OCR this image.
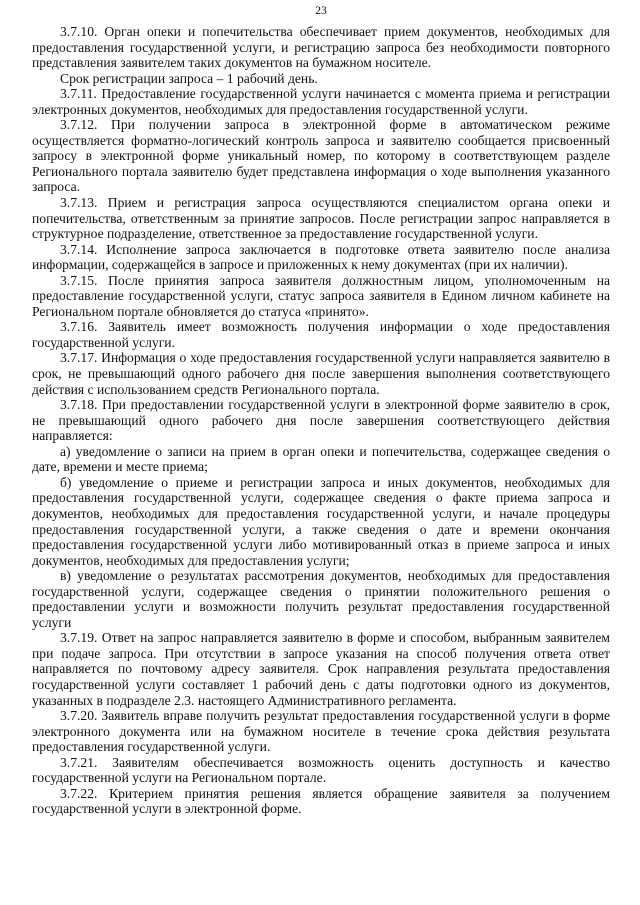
23

3.7.10. Орган опеки и попечительства обеспечивает прием документов, необходимых для предоставления государственной услуги, и регистрацию запроса без необходимости повторного представления заявителем таких документов на бумажном носителе.

Срок регистрации запроса – 1 рабочий день.

3.7.11. Предоставление государственной услуги начинается с момента приема и регистрации электронных документов, необходимых для предоставления государственной услуги.

3.7.12. При получении запроса в электронной форме в автоматическом режиме осуществляется форматно-логический контроль запроса и заявителю сообщается присвоенный запросу в электронной форме уникальный номер, по которому в соответствующем разделе Регионального портала заявителю будет представлена информация о ходе выполнения указанного запроса.

3.7.13. Прием и регистрация запроса осуществляются специалистом органа опеки и попечительства, ответственным за принятие запросов. После регистрации запрос направляется в структурное подразделение, ответственное за предоставление государственной услуги.

3.7.14. Исполнение запроса заключается в подготовке ответа заявителю после анализа информации, содержащейся в запросе и приложенных к нему документах (при их наличии).

3.7.15. После принятия запроса заявителя должностным лицом, уполномоченным на предоставление государственной услуги, статус запроса заявителя в Едином личном кабинете на Региональном портале обновляется до статуса «принято».

3.7.16. Заявитель имеет возможность получения информации о ходе предоставления государственной услуги.

3.7.17. Информация о ходе предоставления государственной услуги направляется заявителю в срок, не превышающий одного рабочего дня после завершения выполнения соответствующего действия с использованием средств Регионального портала.

3.7.18. При предоставлении государственной услуги в электронной форме заявителю в срок, не превышающий одного рабочего дня после завершения соответствующего действия направляется:

а) уведомление о записи на прием в орган опеки и попечительства, содержащее сведения о дате, времени и месте приема;

б) уведомление о приеме и регистрации запроса и иных документов, необходимых для предоставления государственной услуги, содержащее сведения о факте приема запроса и документов, необходимых для предоставления государственной услуги, и начале процедуры предоставления государственной услуги, а также сведения о дате и времени окончания предоставления государственной услуги либо мотивированный отказ в приеме запроса и иных документов, необходимых для предоставления услуги;

в) уведомление о результатах рассмотрения документов, необходимых для предоставления государственной услуги, содержащее сведения о принятии положительного решения о предоставлении услуги и возможности получить результат предоставления государственной услуги

3.7.19. Ответ на запрос направляется заявителю в форме и способом, выбранным заявителем при подаче запроса. При отсутствии в запросе указания на способ получения ответа ответ направляется по почтовому адресу заявителя. Срок направления результата предоставления государственной услуги составляет 1 рабочий день с даты подготовки одного из документов, указанных в подразделе 2.3. настоящего Административного регламента.

3.7.20. Заявитель вправе получить результат предоставления государственной услуги в форме электронного документа или на бумажном носителе в течение срока действия результата предоставления государственной услуги.

3.7.21. Заявителям обеспечивается возможность оценить доступность и качество государственной услуги на Региональном портале.

3.7.22. Критерием принятия решения является обращение заявителя за получением государственной услуги в электронной форме.
